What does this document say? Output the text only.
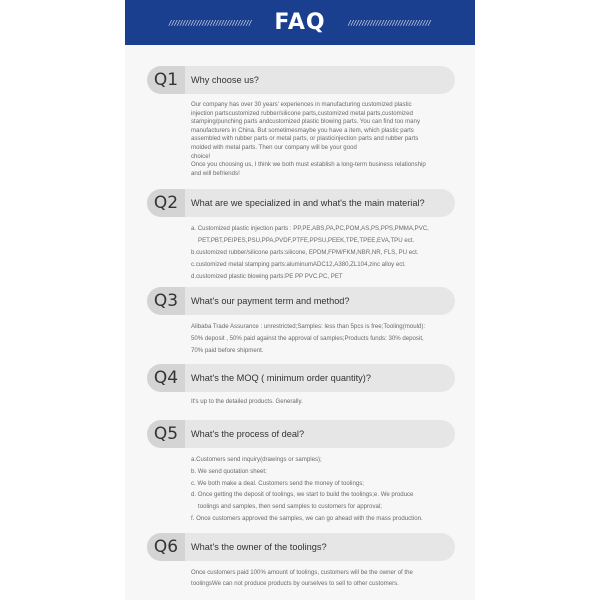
////////////////////////////// FAQ	//////////////////////////////
Q1	Why choose us?

Our company has over 30 years' experiences in manufacturing customized plastic

injection partscustomized rubber/silicone parts,customized metal parts,customized

stamping/punching parts andcustomized plastic blowing parts. You can find too many

manufacturers in China. But sometimesmaybe you have a item, which plastic parts

assembled with rubber parts or metal parts, or plasticinjection parts and rubber parts

molded with metal parts. Then our company will be your good

choice!

Once you choosing us, I think we both must establish a long-term business relationship

and will befriends!

Q2	What are we specialized in and what's the main material?

a. Customized plastic injection parts : PP,PE,ABS,PA,PC,POM,AS,PS,PPS,PMMA,PVC,

PET,PBT,PEIPES,PSU,PPA,PVDF,PTFE,PPSU,PEEK,TPE,TPEE,EVA,TPU ect.

b.customized rubber/silicone parts:silicone, EPDM,FPM/FKM,NBR,NR, FLS, PU ect.

c.customized metal stamping parts:aluminumADC12,A380,ZL104,zinc alloy ect.

d.customized plastic blowing parts:PE PP PVC.PC, PET

Q3	What's our payment term and method?

Alibaba Trade Assurance : unrestricted;Samples: less than 5pcs is free;Tooling(mould):

50% deposit , 50% paid against the approval of samples;Products funds: 30% deposit,

70% paid before shipment.

Q4	What's the MOQ ( minimum order quantity)?

It's up to the detailed products. Generally.

Q5	What's the process of deal?

a.Customers send inquiry(drawings or samples);

b. We send quotation sheet;

c. We both make a deal. Customers send the money of toolings;

d. Once getting the deposit of toolings, we start to build the toolings;e. We produce

toolings and samples, then send samples to customers for approval;

f. Once customers approved the samples, we can go ahead with the mass production.

Q6	What's the owner of the toolings?

Once customers paid 100% amount of toolings, customers will be the owner of the

toolingsWe can not produce products by ourselves to sell to other customers.
